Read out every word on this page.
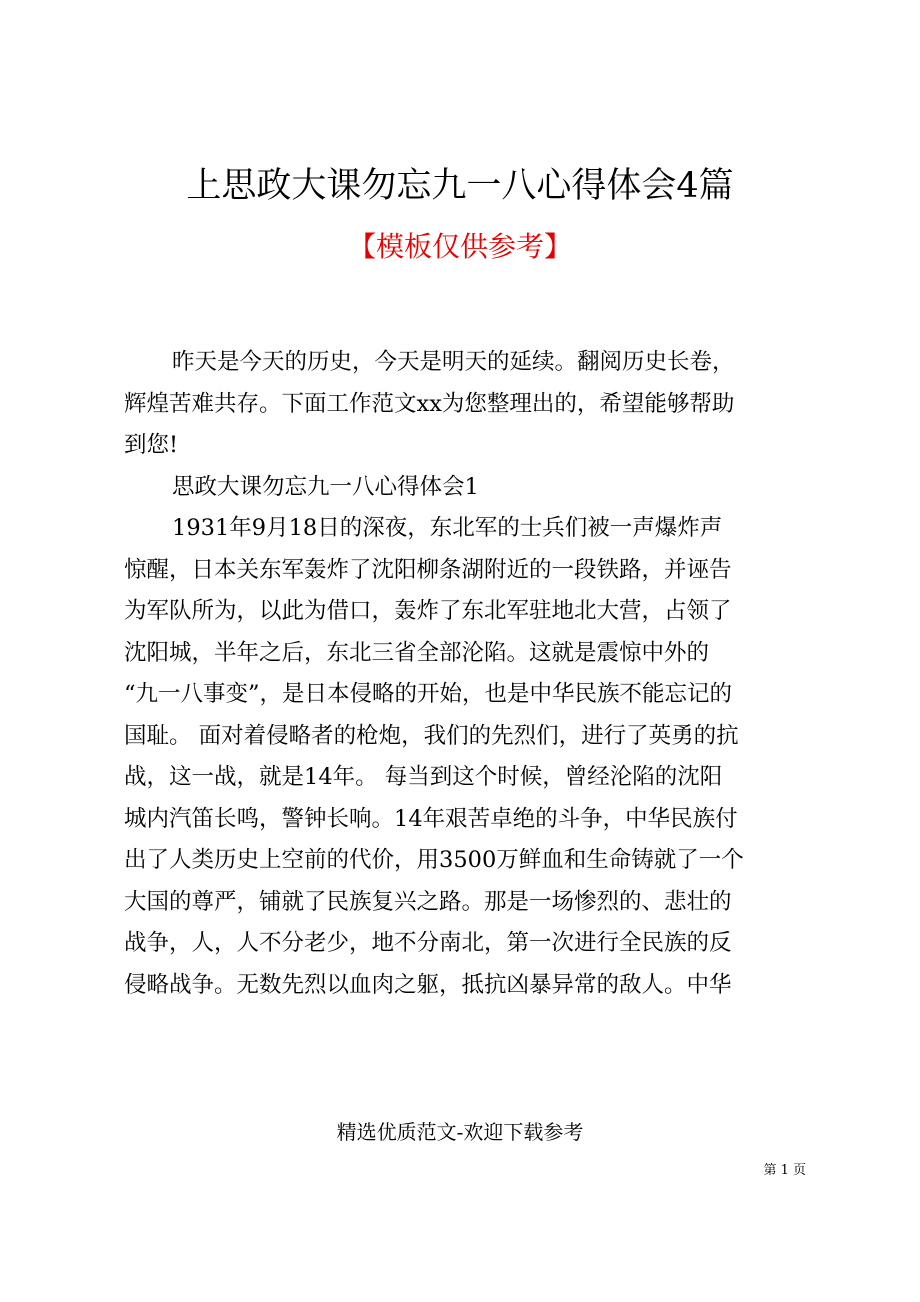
上思政大课勿忘九一八心得体会4篇
【模板仅供参考】
昨天是今天的历史，今天是明天的延续。翻阅历史长卷，
辉煌苦难共存。下面工作范文xx为您整理出的，希望能够帮助
到您!
思政大课勿忘九一八心得体会1
1931年9月18日的深夜，东北军的士兵们被一声爆炸声
惊醒，日本关东军轰炸了沈阳柳条湖附近的一段铁路，并诬告
为军队所为，以此为借口，轰炸了东北军驻地北大营，占领了
沈阳城，半年之后，东北三省全部沦陷。这就是震惊中外的
“九一八事变”，是日本侵略的开始，也是中华民族不能忘记的
国耻。 面对着侵略者的枪炮，我们的先烈们，进行了英勇的抗
战，这一战，就是14年。 每当到这个时候，曾经沦陷的沈阳
城内汽笛长鸣，警钟长响。14年艰苦卓绝的斗争，中华民族付
出了人类历史上空前的代价，用3500万鲜血和生命铸就了一个
大国的尊严，铺就了民族复兴之路。那是一场惨烈的、悲壮的
战争，人，人不分老少，地不分南北，第一次进行全民族的反
侵略战争。无数先烈以血肉之躯，抵抗凶暴异常的敌人。中华
精选优质范文-欢迎下载参考
第 1 页
